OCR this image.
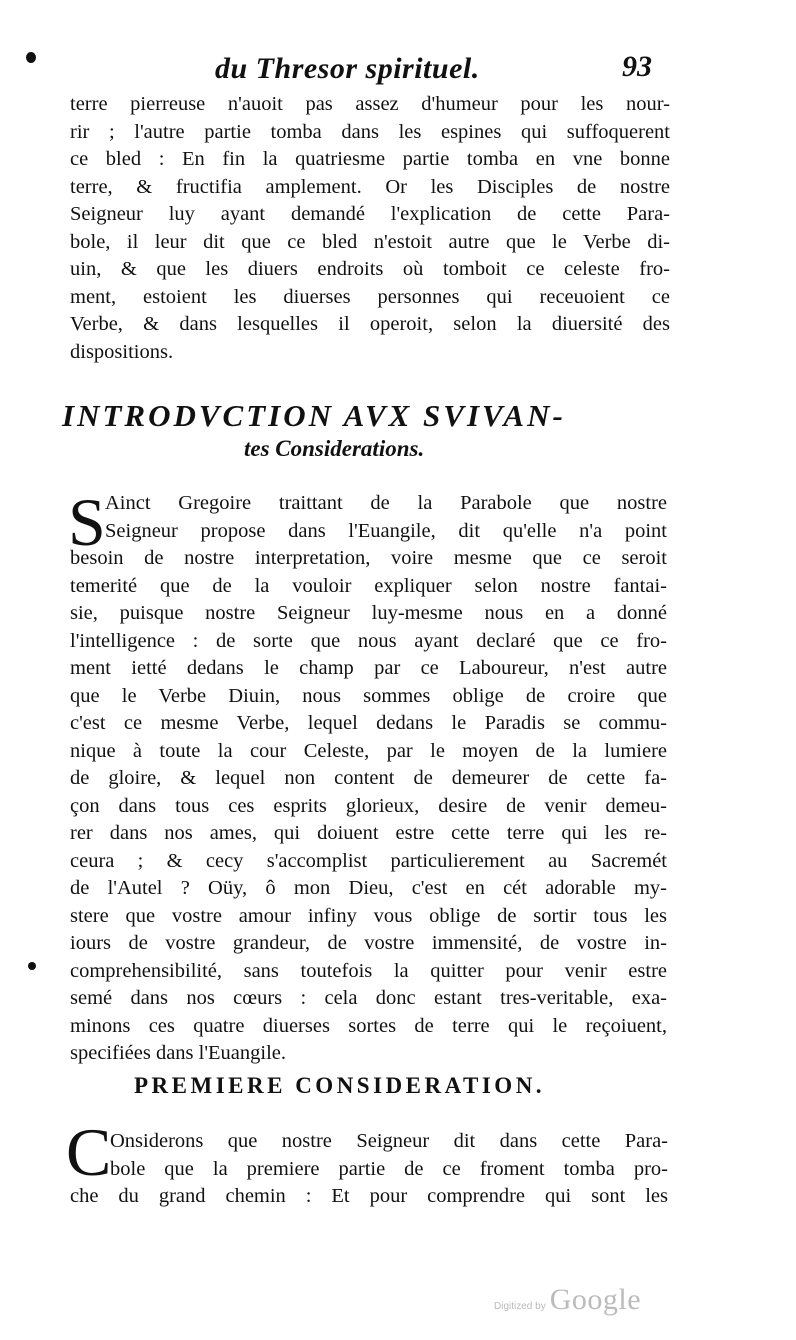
du Thresor spirituel.	93
terre pierreuse n'auoit pas assez d'humeur pour les nour-
rir ; l'autre partie tomba dans les espines qui suffoquerent
ce bled : En fin la quatriesme partie tomba en vne bonne
terre, & fructifia amplement. Or les Disciples de nostre
Seigneur luy ayant demandé l'explication de cette Para-
bole, il leur dit que ce bled n'estoit autre que le Verbe di-
uin, & que les diuers endroits où tomboit ce celeste fro-
ment, estoient les diuerses personnes qui receuoient ce
Verbe, & dans lesquelles il operoit, selon la diuersité des
dispositions.
INTRODVCTION AVX SVIVAN-
tes Considerations.
S Ainct Gregoire traittant de la Parabole que nostre
Seigneur propose dans l'Euangile, dit qu'elle n'a point
besoin de nostre interpretation, voire mesme que ce seroit
temerité que de la vouloir expliquer selon nostre fantai-
sie, puisque nostre Seigneur luy-mesme nous en a donné
l'intelligence : de sorte que nous ayant declaré que ce fro-
ment ietté dedans le champ par ce Laboureur, n'est autre
que le Verbe Diuin, nous sommes oblige de croire que
c'est ce mesme Verbe, lequel dedans le Paradis se commu-
nique à toute la cour Celeste, par le moyen de la lumiere
de gloire, & lequel non content de demeurer de cette fa-
çon dans tous ces esprits glorieux, desire de venir demeu-
rer dans nos ames, qui doiuent estre cette terre qui les re-
ceura ; & cecy s'accomplist particulierement au Sacremét
de l'Autel ? Oüy, ô mon Dieu, c'est en cét adorable my-
stere que vostre amour infiny vous oblige de sortir tous les
iours de vostre grandeur, de vostre immensité, de vostre in-
comprehensibilité, sans toutefois la quitter pour venir estre
semé dans nos cœurs : cela donc estant tres-veritable, exa-
minons ces quatre diuerses sortes de terre qui le reçoiuent,
specifiées dans l'Euangile.
PREMIERE CONSIDERATION.
C
Onsiderons que nostre Seigneur dit dans cette Para-
bole que la premiere partie de ce froment tomba pro-
che du grand chemin : Et pour comprendre qui sont les
Digitized by Google
